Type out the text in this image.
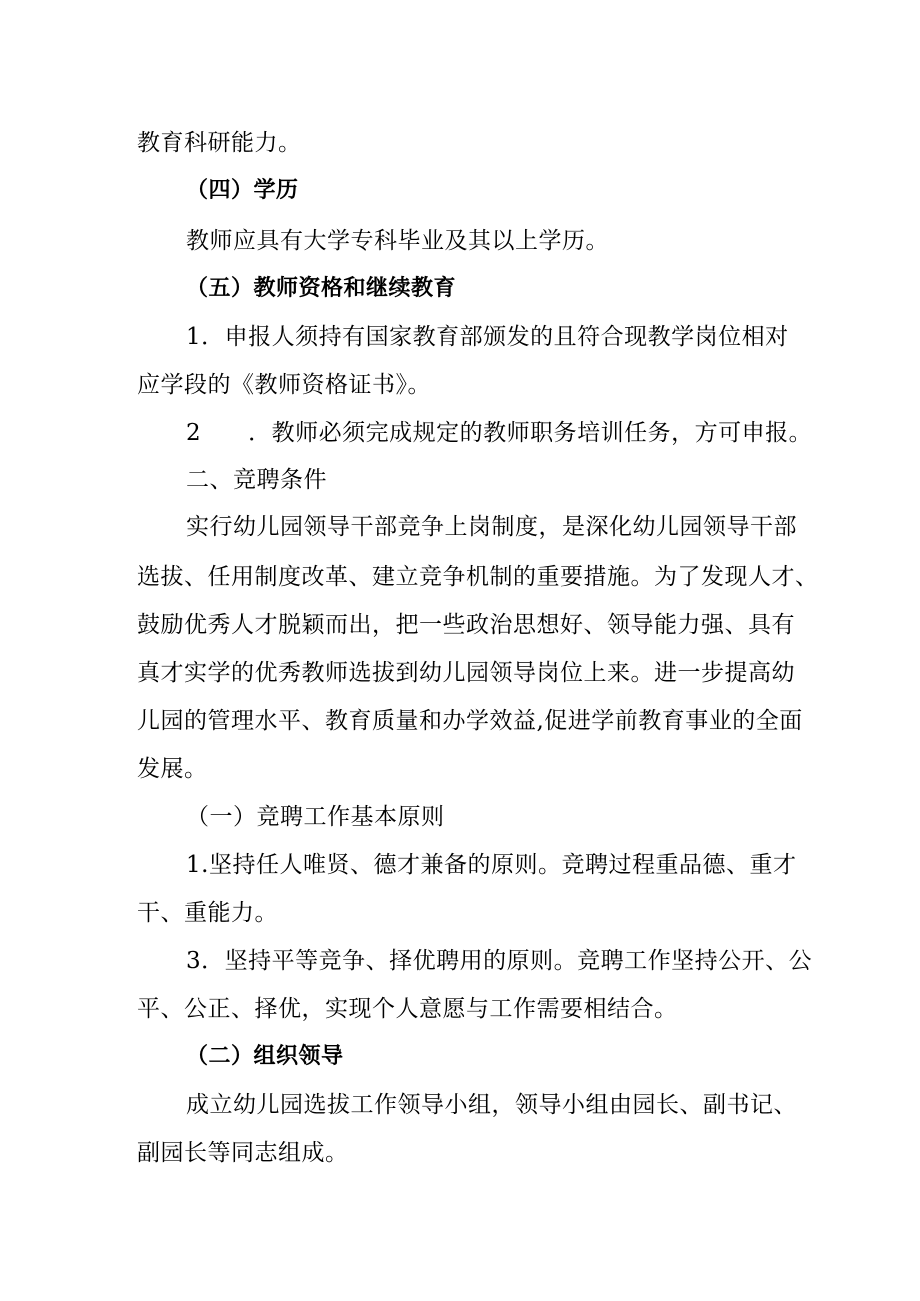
教育科研能力。
（四）学历
教师应具有大学专科毕业及其以上学历。
（五）教师资格和继续教育
1．申报人须持有国家教育部颁发的且符合现教学岗位相对
应学段的《教师资格证书》。
2　　．教师必须完成规定的教师职务培训任务，方可申报。
二、竞聘条件
实行幼儿园领导干部竞争上岗制度，是深化幼儿园领导干部
选拔、任用制度改革、建立竞争机制的重要措施。为了发现人才、
鼓励优秀人才脱颖而出，把一些政治思想好、领导能力强、具有
真才实学的优秀教师选拔到幼儿园领导岗位上来。进一步提高幼
儿园的管理水平、教育质量和办学效益,促进学前教育事业的全面
发展。
（一）竞聘工作基本原则
1.坚持任人唯贤、德才兼备的原则。竞聘过程重品德、重才
干、重能力。
3．坚持平等竞争、择优聘用的原则。竞聘工作坚持公开、公
平、公正、择优，实现个人意愿与工作需要相结合。
（二）组织领导
成立幼儿园选拔工作领导小组，领导小组由园长、副书记、
副园长等同志组成。
